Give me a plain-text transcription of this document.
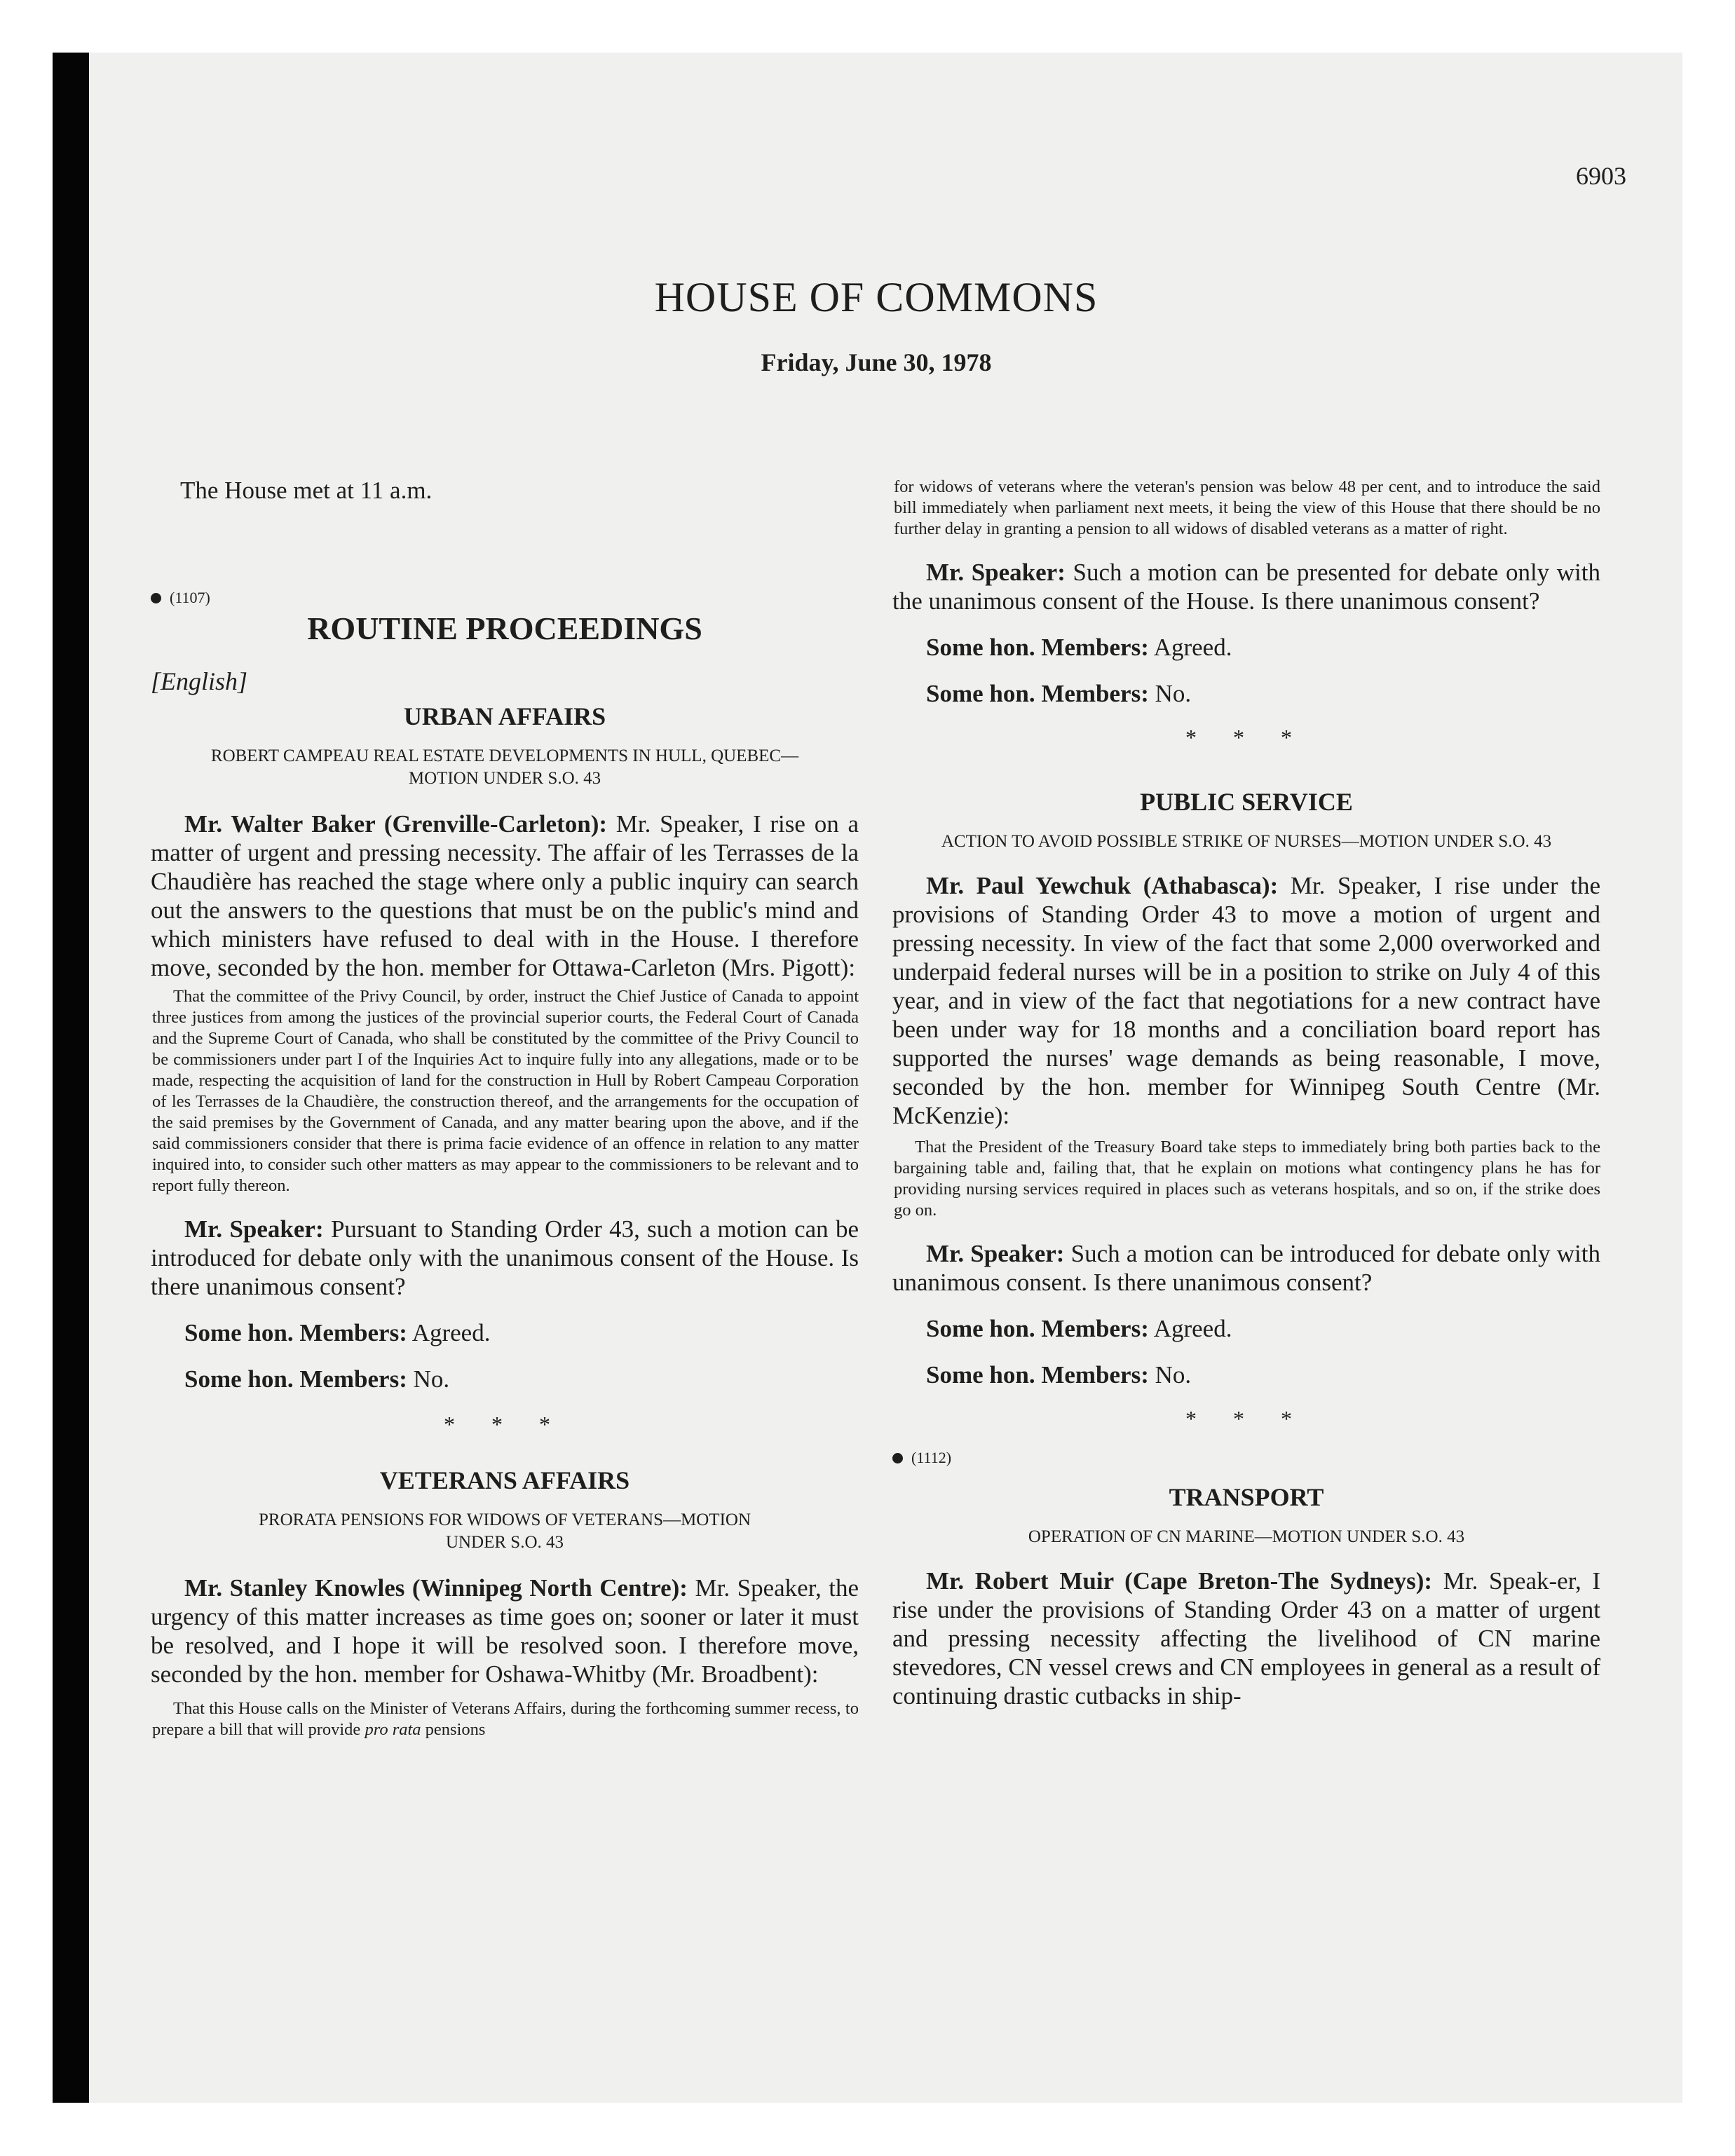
6903
HOUSE OF COMMONS
Friday, June 30, 1978

The House met at 11 a.m.

(1107)

ROUTINE PROCEEDINGS

[English]

URBAN AFFAIRS

ROBERT CAMPEAU REAL ESTATE DEVELOPMENTS IN HULL, QUEBEC—MOTION UNDER S.O. 43

Mr. Walter Baker (Grenville-Carleton): Mr. Speaker, I rise on a matter of urgent and pressing necessity. The affair of les Terrasses de la Chaudière has reached the stage where only a public inquiry can search out the answers to the questions that must be on the public's mind and which ministers have refused to deal with in the House. I therefore move, seconded by the hon. member for Ottawa-Carleton (Mrs. Pigott):

That the committee of the Privy Council, by order, instruct the Chief Justice of Canada to appoint three justices from among the justices of the provincial superior courts, the Federal Court of Canada and the Supreme Court of Canada, who shall be constituted by the committee of the Privy Council to be commissioners under part I of the Inquiries Act to inquire fully into any allegations, made or to be made, respecting the acquisition of land for the construction in Hull by Robert Campeau Corporation of les Terrasses de la Chaudière, the construction thereof, and the arrangements for the occupation of the said premises by the Government of Canada, and any matter bearing upon the above, and if the said commissioners consider that there is prima facie evidence of an offence in relation to any matter inquired into, to consider such other matters as may appear to the commissioners to be relevant and to report fully thereon.

Mr. Speaker: Pursuant to Standing Order 43, such a motion can be introduced for debate only with the unanimous consent of the House. Is there unanimous consent?

Some hon. Members: Agreed.

Some hon. Members: No.

* * *

VETERANS AFFAIRS

PRORATA PENSIONS FOR WIDOWS OF VETERANS—MOTION UNDER S.O. 43

Mr. Stanley Knowles (Winnipeg North Centre): Mr. Speaker, the urgency of this matter increases as time goes on; sooner or later it must be resolved, and I hope it will be resolved soon. I therefore move, seconded by the hon. member for Oshawa-Whitby (Mr. Broadbent):

That this House calls on the Minister of Veterans Affairs, during the forthcoming summer recess, to prepare a bill that will provide pro rata pensions

for widows of veterans where the veteran's pension was below 48 per cent, and to introduce the said bill immediately when parliament next meets, it being the view of this House that there should be no further delay in granting a pension to all widows of disabled veterans as a matter of right.

Mr. Speaker: Such a motion can be presented for debate only with the unanimous consent of the House. Is there unanimous consent?

Some hon. Members: Agreed.

Some hon. Members: No.

* * *

PUBLIC SERVICE

ACTION TO AVOID POSSIBLE STRIKE OF NURSES—MOTION UNDER S.O. 43

Mr. Paul Yewchuk (Athabasca): Mr. Speaker, I rise under the provisions of Standing Order 43 to move a motion of urgent and pressing necessity. In view of the fact that some 2,000 overworked and underpaid federal nurses will be in a position to strike on July 4 of this year, and in view of the fact that negotiations for a new contract have been under way for 18 months and a conciliation board report has supported the nurses' wage demands as being reasonable, I move, seconded by the hon. member for Winnipeg South Centre (Mr. McKenzie):

That the President of the Treasury Board take steps to immediately bring both parties back to the bargaining table and, failing that, that he explain on motions what contingency plans he has for providing nursing services required in places such as veterans hospitals, and so on, if the strike does go on.

Mr. Speaker: Such a motion can be introduced for debate only with unanimous consent. Is there unanimous consent?

Some hon. Members: Agreed.

Some hon. Members: No.

* * *

(1112)

TRANSPORT

OPERATION OF CN MARINE—MOTION UNDER S.O. 43

Mr. Robert Muir (Cape Breton-The Sydneys): Mr. Speak-er, I rise under the provisions of Standing Order 43 on a matter of urgent and pressing necessity affecting the livelihood of CN marine stevedores, CN vessel crews and CN employees in general as a result of continuing drastic cutbacks in ship-
